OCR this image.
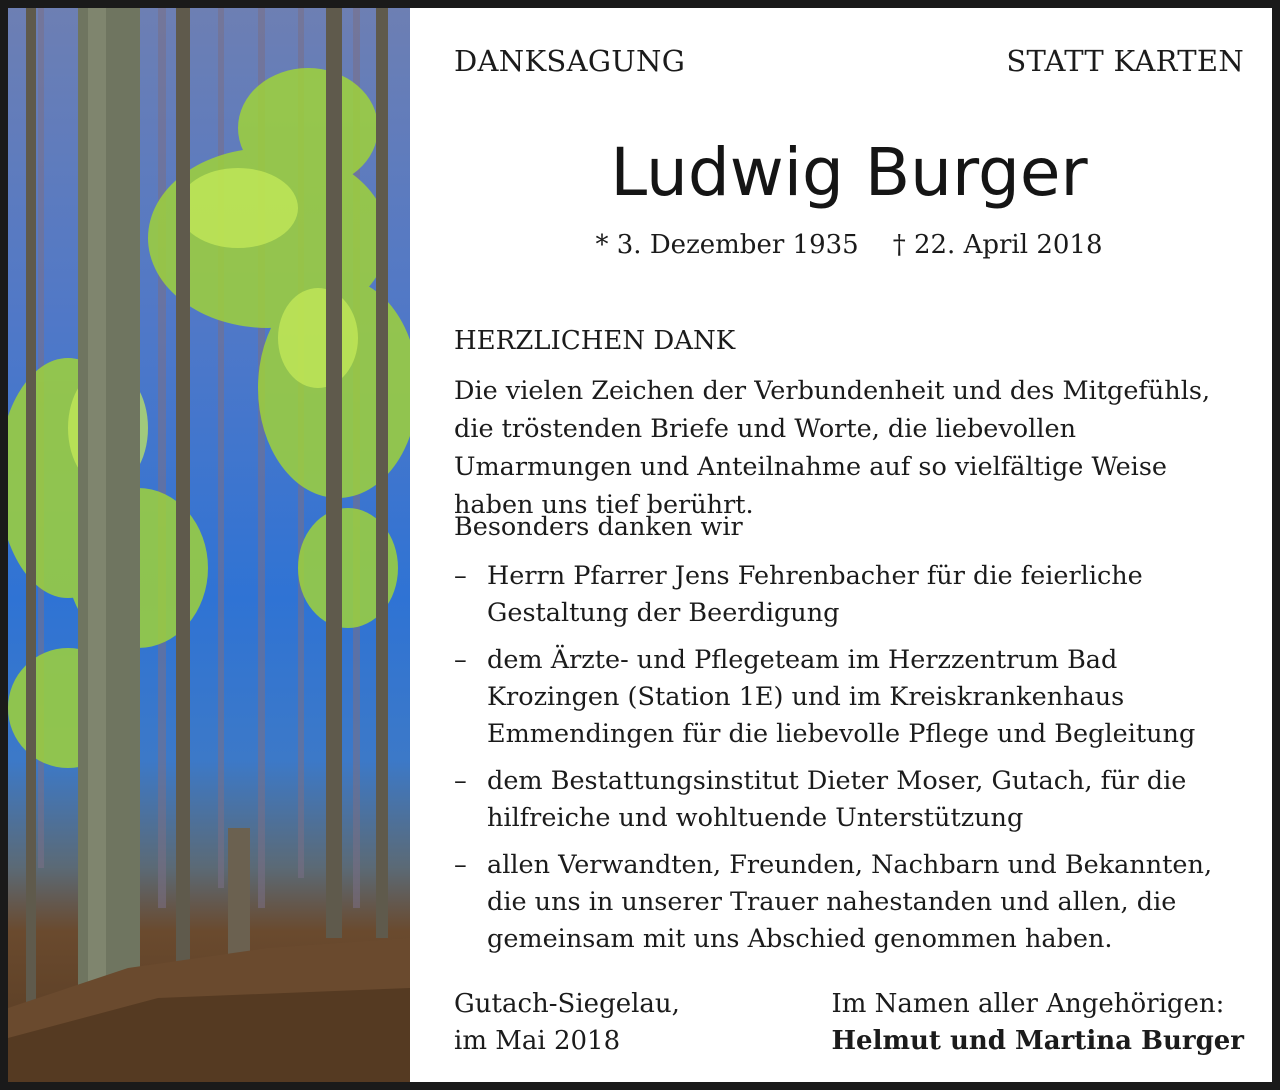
DANKSAGUNG	STATT KARTEN
Ludwig Burger
* 3. Dezember 1935 † 22. April 2018
HERZLICHEN DANK
Die vielen Zeichen der Verbundenheit und des Mitgefühls, die tröstenden Briefe und Worte, die liebevollen Umarmungen und Anteilnahme auf so vielfältige Weise haben uns tief berührt.
Besonders danken wir
– Herrn Pfarrer Jens Fehrenbacher für die feierliche Gestaltung der Beerdigung
– dem Ärzte- und Pflegeteam im Herzzentrum Bad Krozingen (Station 1E) und im Kreiskrankenhaus Emmendingen für die liebevolle Pflege und Begleitung
– dem Bestattungsinstitut Dieter Moser, Gutach, für die hilfreiche und wohltuende Unterstützung
– allen Verwandten, Freunden, Nachbarn und Bekannten, die uns in unserer Trauer nahestanden und allen, die gemeinsam mit uns Abschied genommen haben.
Gutach-Siegelau,
im Mai 2018
Im Namen aller Angehörigen:
Helmut und Martina Burger
